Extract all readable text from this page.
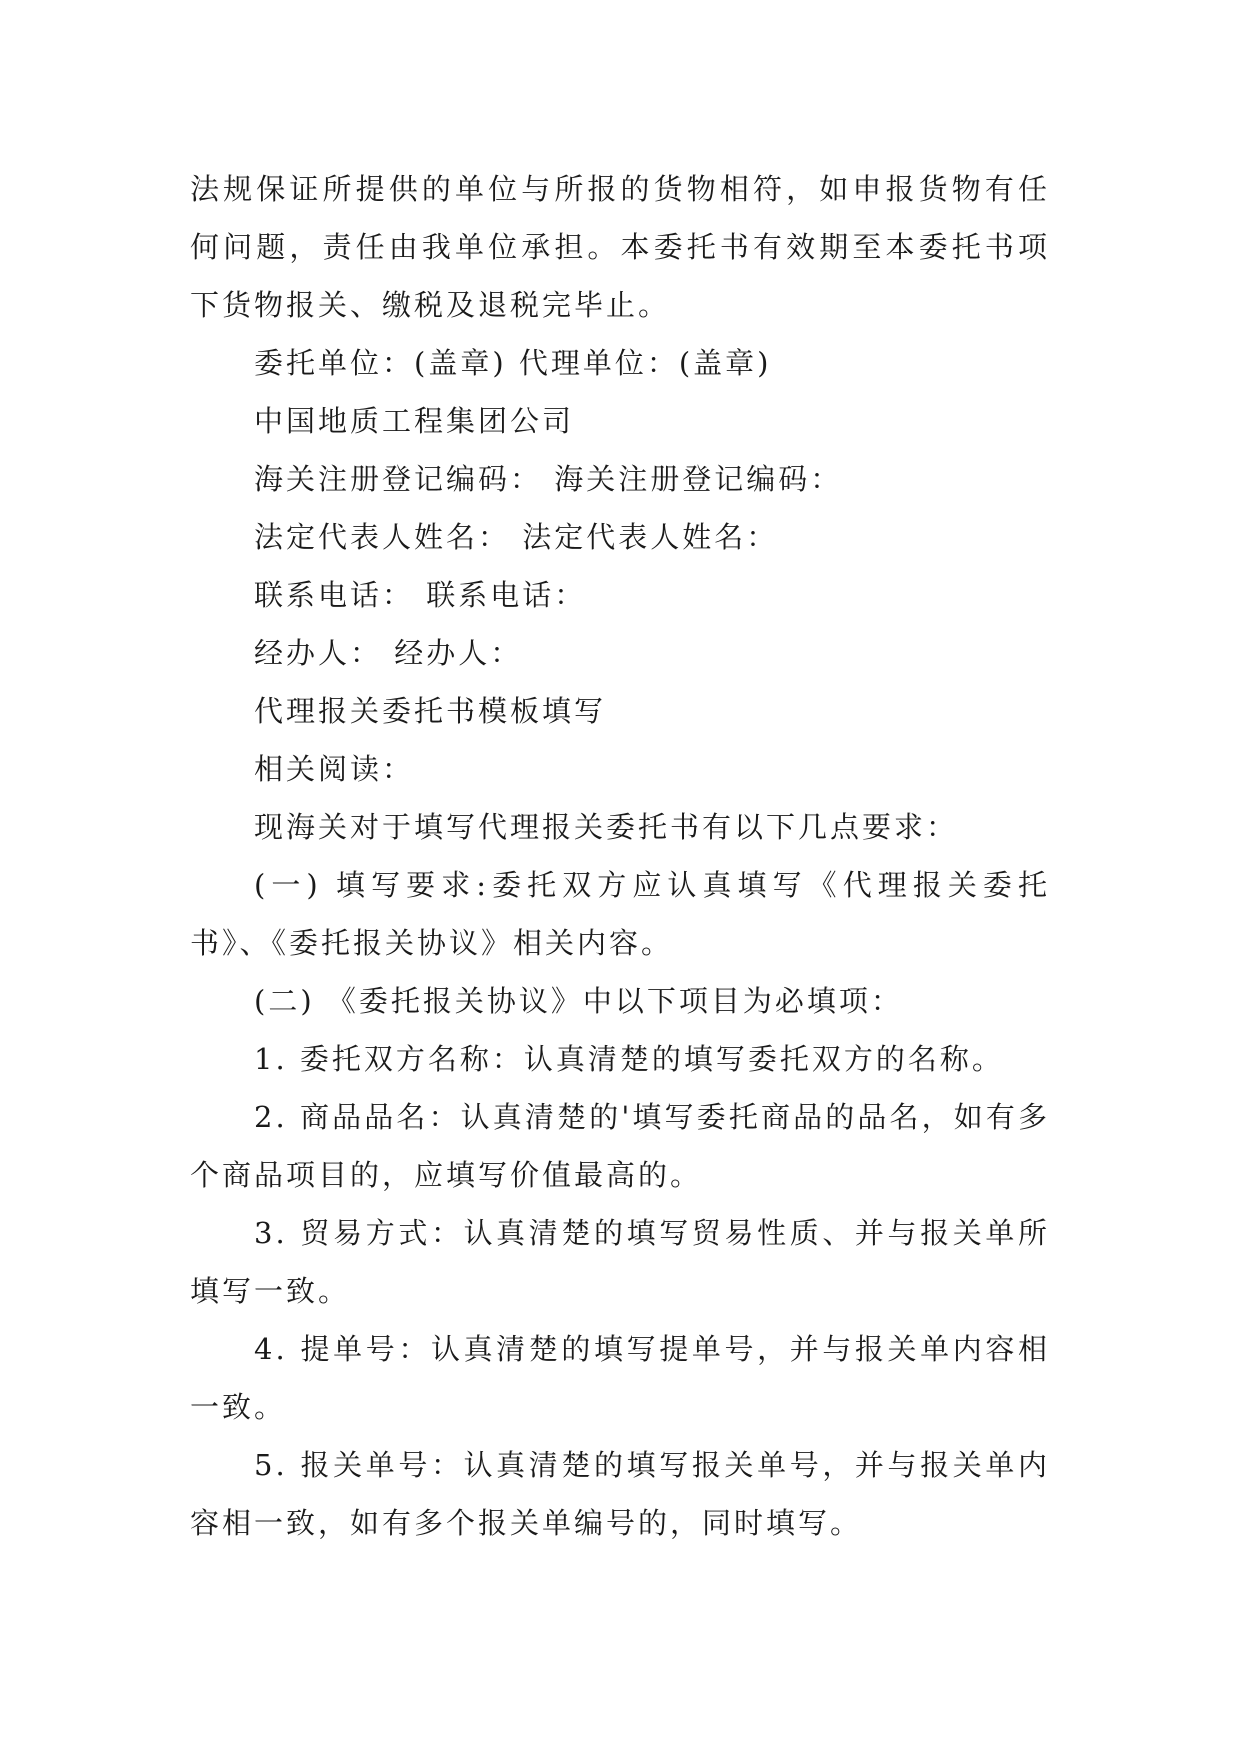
法规保证所提供的单位与所报的货物相符，如申报货物有任何问题，责任由我单位承担。本委托书有效期至本委托书项下货物报关、缴税及退税完毕止。

委托单位：(盖章) 代理单位：(盖章)

中国地质工程集团公司

海关注册登记编码： 海关注册登记编码：

法定代表人姓名： 法定代表人姓名：

联系电话： 联系电话：

经办人： 经办人：

代理报关委托书模板填写

相关阅读：

现海关对于填写代理报关委托书有以下几点要求：

(一) 填写要求:委托双方应认真填写《代理报关委托书》、《委托报关协议》相关内容。

(二) 《委托报关协议》中以下项目为必填项：

1. 委托双方名称：认真清楚的填写委托双方的名称。

2. 商品品名：认真清楚的'填写委托商品的品名，如有多个商品项目的，应填写价值最高的。

3. 贸易方式：认真清楚的填写贸易性质、并与报关单所填写一致。

4. 提单号：认真清楚的填写提单号，并与报关单内容相一致。

5. 报关单号：认真清楚的填写报关单号，并与报关单内容相一致，如有多个报关单编号的，同时填写。
